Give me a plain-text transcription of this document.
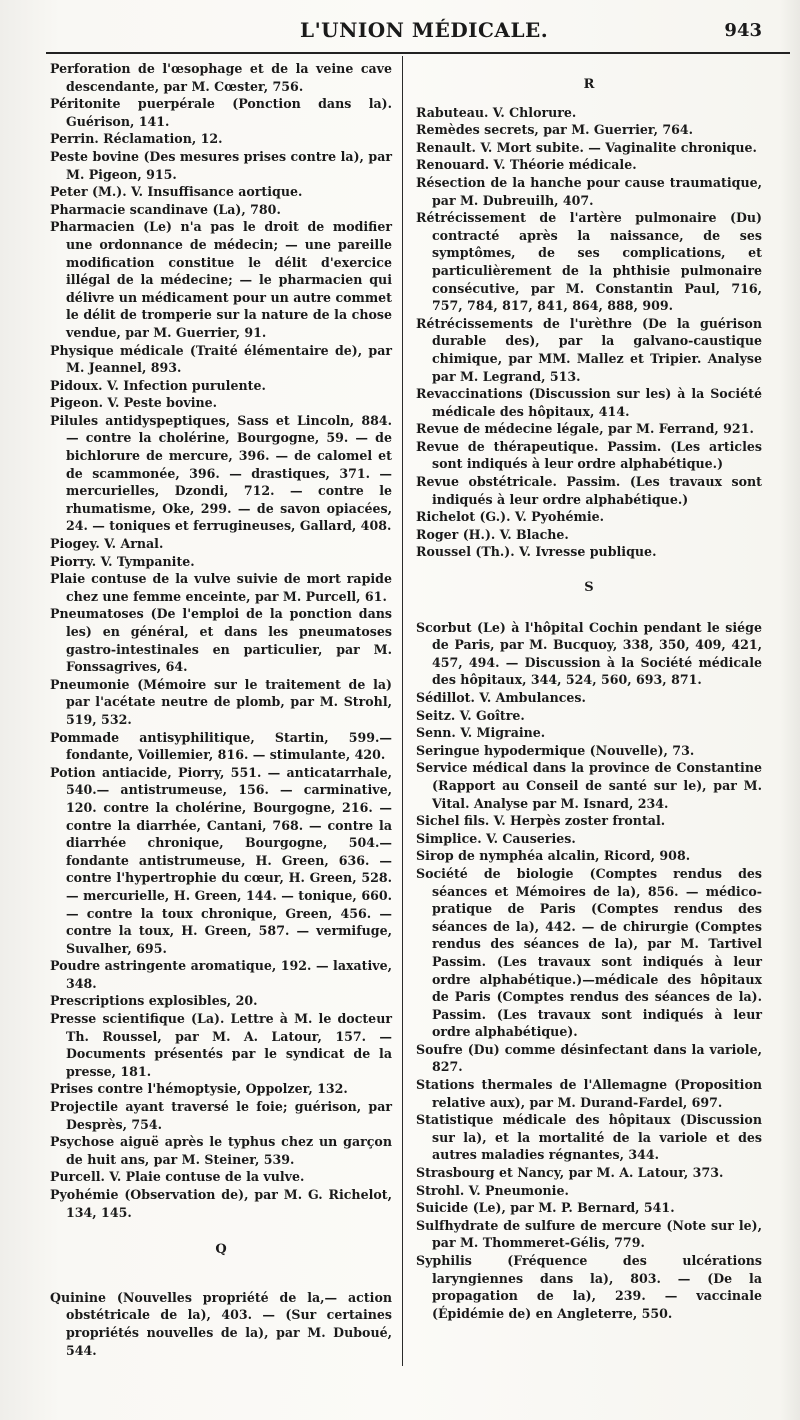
L'UNION MÉDICALE.	943

Perforation de l'œsophage et de la veine cave descendante, par M. Cœster, 756.

Péritonite puerpérale (Ponction dans la). Guérison, 141.

Perrin. Réclamation, 12.

Peste bovine (Des mesures prises contre la), par M. Pigeon, 915.

Peter (M.). V. Insuffisance aortique.

Pharmacie scandinave (La), 780.

Pharmacien (Le) n'a pas le droit de modifier une ordonnance de médecin; — une pareille modification constitue le délit d'exercice illégal de la médecine; — le pharmacien qui délivre un médicament pour un autre commet le délit de tromperie sur la nature de la chose vendue, par M. Guerrier, 91.

Physique médicale (Traité élémentaire de), par M. Jeannel, 893.

Pidoux. V. Infection purulente.

Pigeon. V. Peste bovine.

Pilules antidyspeptiques, Sass et Lincoln, 884. — contre la cholérine, Bourgogne, 59. — de bichlorure de mercure, 396. — de calomel et de scammonée, 396. — drastiques, 371. — mercurielles, Dzondi, 712. — contre le rhumatisme, Oke, 299. — de savon opiacées, 24. — toniques et ferrugineuses, Gallard, 408.

Piogey. V. Arnal.

Piorry. V. Tympanite.

Plaie contuse de la vulve suivie de mort rapide chez une femme enceinte, par M. Purcell, 61.

Pneumatoses (De l'emploi de la ponction dans les) en général, et dans les pneumatoses gastro-intestinales en particulier, par M. Fonssagrives, 64.

Pneumonie (Mémoire sur le traitement de la) par l'acétate neutre de plomb, par M. Strohl, 519, 532.

Pommade antisyphilitique, Startin, 599.— fondante, Voillemier, 816. — stimulante, 420.

Potion antiacide, Piorry, 551. — anticatarrhale, 540.— antistrumeuse, 156. — carminative, 120. contre la cholérine, Bourgogne, 216. — contre la diarrhée, Cantani, 768. — contre la diarrhée chronique, Bourgogne, 504.— fondante antistrumeuse, H. Green, 636. — contre l'hypertrophie du cœur, H. Green, 528.— mercurielle, H. Green, 144. — tonique, 660.— contre la toux chronique, Green, 456. — contre la toux, H. Green, 587. — vermifuge, Suvalher, 695.

Poudre astringente aromatique, 192. — laxative, 348.

Prescriptions explosibles, 20.

Presse scientifique (La). Lettre à M. le docteur Th. Roussel, par M. A. Latour, 157. — Documents présentés par le syndicat de la presse, 181.

Prises contre l'hémoptysie, Oppolzer, 132.

Projectile ayant traversé le foie; guérison, par Desprès, 754.

Psychose aiguë après le typhus chez un garçon de huit ans, par M. Steiner, 539.

Purcell. V. Plaie contuse de la vulve.

Pyohémie (Observation de), par M. G. Richelot, 134, 145.

Q

Quinine (Nouvelles propriété de la,— action obstétricale de la), 403. — (Sur certaines propriétés nouvelles de la), par M. Duboué, 544.

R

Rabuteau. V. Chlorure.

Remèdes secrets, par M. Guerrier, 764.

Renault. V. Mort subite. — Vaginalite chronique.

Renouard. V. Théorie médicale.

Résection de la hanche pour cause traumatique, par M. Dubreuilh, 407.

Rétrécissement de l'artère pulmonaire (Du) contracté après la naissance, de ses symptômes, de ses complications, et particulièrement de la phthisie pulmonaire consécutive, par M. Constantin Paul, 716, 757, 784, 817, 841, 864, 888, 909.

Rétrécissements de l'urèthre (De la guérison durable des), par la galvano-caustique chimique, par MM. Mallez et Tripier. Analyse par M. Legrand, 513.

Revaccinations (Discussion sur les) à la Société médicale des hôpitaux, 414.

Revue de médecine légale, par M. Ferrand, 921.

Revue de thérapeutique. Passim. (Les articles sont indiqués à leur ordre alphabétique.)

Revue obstétricale. Passim. (Les travaux sont indiqués à leur ordre alphabétique.)

Richelot (G.). V. Pyohémie.

Roger (H.). V. Blache.

Roussel (Th.). V. Ivresse publique.

S

Scorbut (Le) à l'hôpital Cochin pendant le siége de Paris, par M. Bucquoy, 338, 350, 409, 421, 457, 494. — Discussion à la Société médicale des hôpitaux, 344, 524, 560, 693, 871.

Sédillot. V. Ambulances.

Seitz. V. Goître.

Senn. V. Migraine.

Seringue hypodermique (Nouvelle), 73.

Service médical dans la province de Constantine (Rapport au Conseil de santé sur le), par M. Vital. Analyse par M. Isnard, 234.

Sichel fils. V. Herpès zoster frontal.

Simplice. V. Causeries.

Sirop de nymphéa alcalin, Ricord, 908.

Société de biologie (Comptes rendus des séances et Mémoires de la), 856. — médico-pratique de Paris (Comptes rendus des séances de la), 442. — de chirurgie (Comptes rendus des séances de la), par M. Tartivel Passim. (Les travaux sont indiqués à leur ordre alphabétique.)—médicale des hôpitaux de Paris (Comptes rendus des séances de la). Passim. (Les travaux sont indiqués à leur ordre alphabétique).

Soufre (Du) comme désinfectant dans la variole, 827.

Stations thermales de l'Allemagne (Proposition relative aux), par M. Durand-Fardel, 697.

Statistique médicale des hôpitaux (Discussion sur la), et la mortalité de la variole et des autres maladies régnantes, 344.

Strasbourg et Nancy, par M. A. Latour, 373.

Strohl. V. Pneumonie.

Suicide (Le), par M. P. Bernard, 541.

Sulfhydrate de sulfure de mercure (Note sur le), par M. Thommeret-Gélis, 779.

Syphilis (Fréquence des ulcérations laryngiennes dans la), 803. — (De la propagation de la), 239. — vaccinale (Épidémie de) en Angleterre, 550.
